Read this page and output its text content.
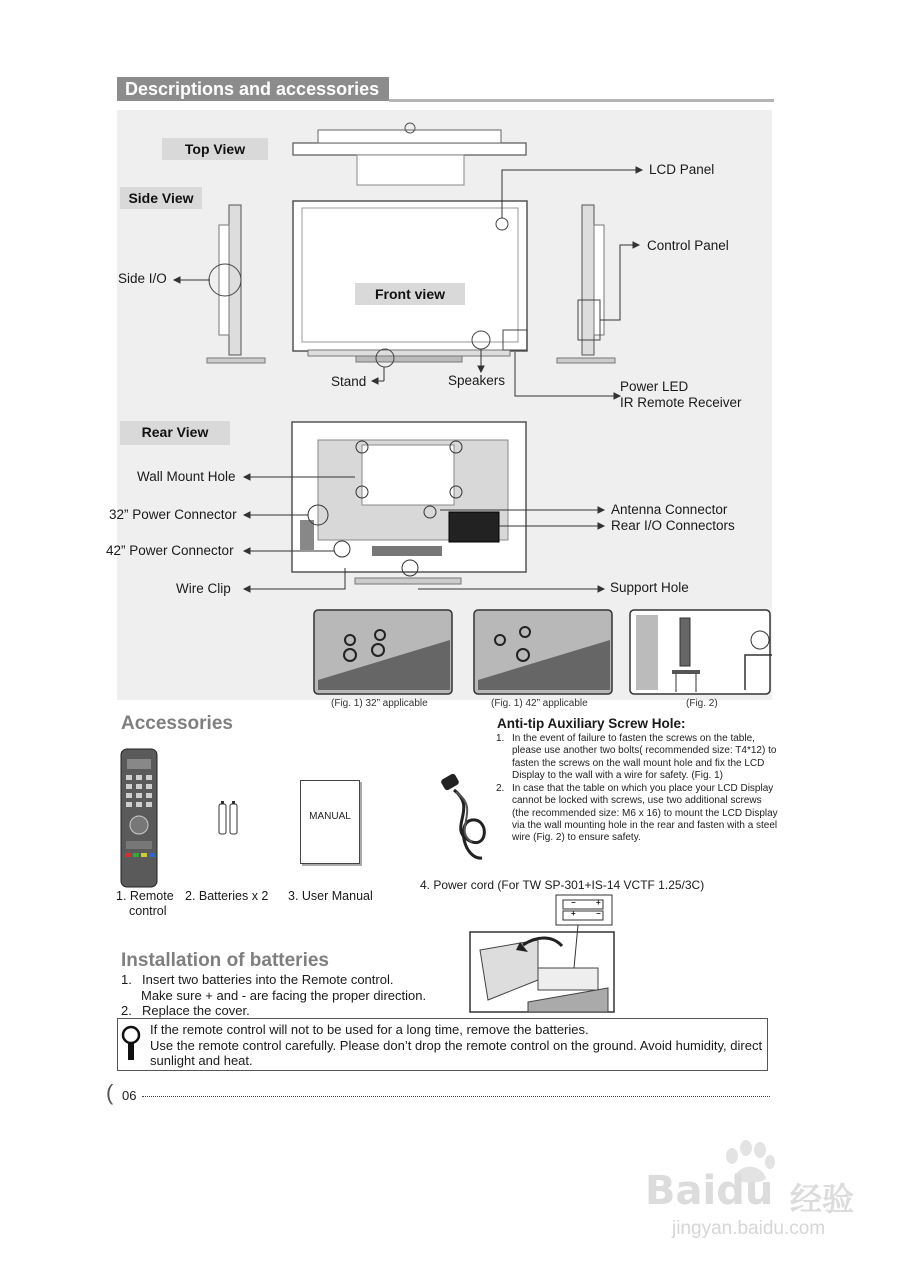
Descriptions and accessories
Top View
Side View
Front view
Rear View
LCD Panel
Control Panel
Side I/O
Stand	Speakers	Power LED
IR Remote Receiver
Wall Mount Hole
32” Power Connector
42” Power Connector
Wire Clip
Antenna Connector
Rear I/O Connectors
Support Hole
(Fig. 1) 32” applicable	(Fig. 1) 42” applicable	(Fig. 2)
Accessories
1. Remote
control
2. Batteries x 2
MANUAL
3. User Manual
4. Power cord (For TW SP-301+IS-14 VCTF 1.25/3C)
Anti-tip Auxiliary Screw Hole:
1. In the event of failure to fasten the screws on the table, please use another two bolts( recommended size: T4*12) to fasten the screws on the wall mount hole and fix the LCD Display to the wall with a wire for safety. (Fig. 1)
2. In case that the table on which you place your LCD Display cannot be locked with screws, use two additional screws (the recommended size: M6 x 16) to mount the LCD Display via the wall mounting hole in the rear and fasten with a steel wire (Fig. 2) to ensure safety.
−	+
+	−
Installation of batteries
1. Insert two batteries into the Remote control.
Make sure + and - are facing the proper direction.
2. Replace the cover.
If the remote control will not to be used for a long time, remove the batteries.
Use the remote control carefully. Please don’t drop the remote control on the ground. Avoid humidity, direct sunlight and heat.
( 06
Baidu 经验
jingyan.baidu.com
